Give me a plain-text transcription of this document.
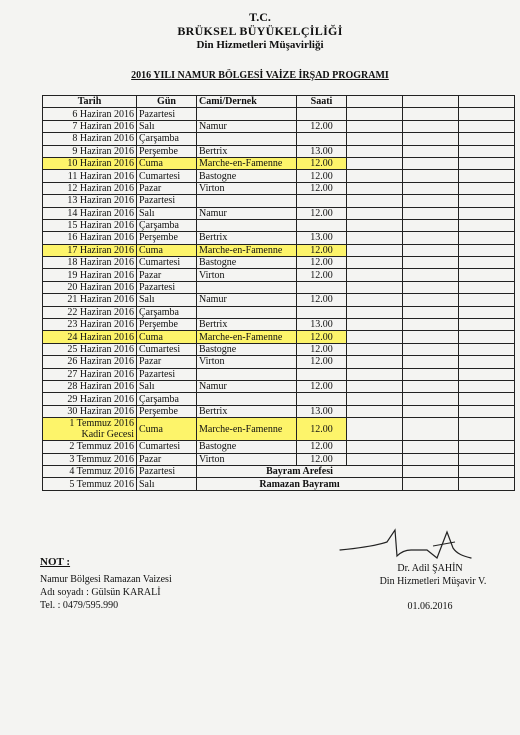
T.C.
BRÜKSEL BÜYÜKELÇİLİĞİ
Din Hizmetleri Müşavirliği
2016 YILI NAMUR BÖLGESİ VAİZE İRŞAD PROGRAMI
Tarih	Gün	Cami/Dernek	Saati			
6 Haziran 2016	Pazartesi					
7 Haziran 2016	Salı	Namur	12.00			
8 Haziran 2016	Çarşamba					
9 Haziran 2016	Perşembe	Bertrix	13.00			
10 Haziran 2016	Cuma	Marche-en-Famenne	12.00			
11 Haziran 2016	Cumartesi	Bastogne	12.00			
12 Haziran 2016	Pazar	Virton	12.00			
13 Haziran 2016	Pazartesi					
14 Haziran 2016	Salı	Namur	12.00			
15 Haziran 2016	Çarşamba					
16 Haziran 2016	Perşembe	Bertrix	13.00			
17 Haziran 2016	Cuma	Marche-en-Famenne	12.00			
18 Haziran 2016	Cumartesi	Bastogne	12.00			
19 Haziran 2016	Pazar	Virton	12.00			
20 Haziran 2016	Pazartesi					
21 Haziran 2016	Salı	Namur	12.00			
22 Haziran 2016	Çarşamba					
23 Haziran 2016	Perşembe	Bertrix	13.00			
24 Haziran 2016	Cuma	Marche-en-Famenne	12.00			
25 Haziran 2016	Cumartesi	Bastogne	12.00			
26 Haziran 2016	Pazar	Virton	12.00			
27 Haziran 2016	Pazartesi					
28 Haziran 2016	Salı	Namur	12.00			
29 Haziran 2016	Çarşamba					
30 Haziran 2016	Perşembe	Bertrix	13.00			

1 Temmuz 2016
Kadir Gecesi	Cuma	Marche-en-Famenne	12.00			
2 Temmuz 2016	Cumartesi	Bastogne	12.00			
3 Temmuz 2016	Pazar	Virton	12.00			
4 Temmuz 2016	Pazartesi	Bayram Arefesi				
5 Temmuz 2016	Salı	Ramazan Bayramı				
NOT :
Namur Bölgesi Ramazan Vaizesi
Adı soyadı : Gülsün KARALİ
Tel. : 0479/595.990
Dr. Adil ŞAHİN
Din Hizmetleri Müşavir V.
01.06.2016
